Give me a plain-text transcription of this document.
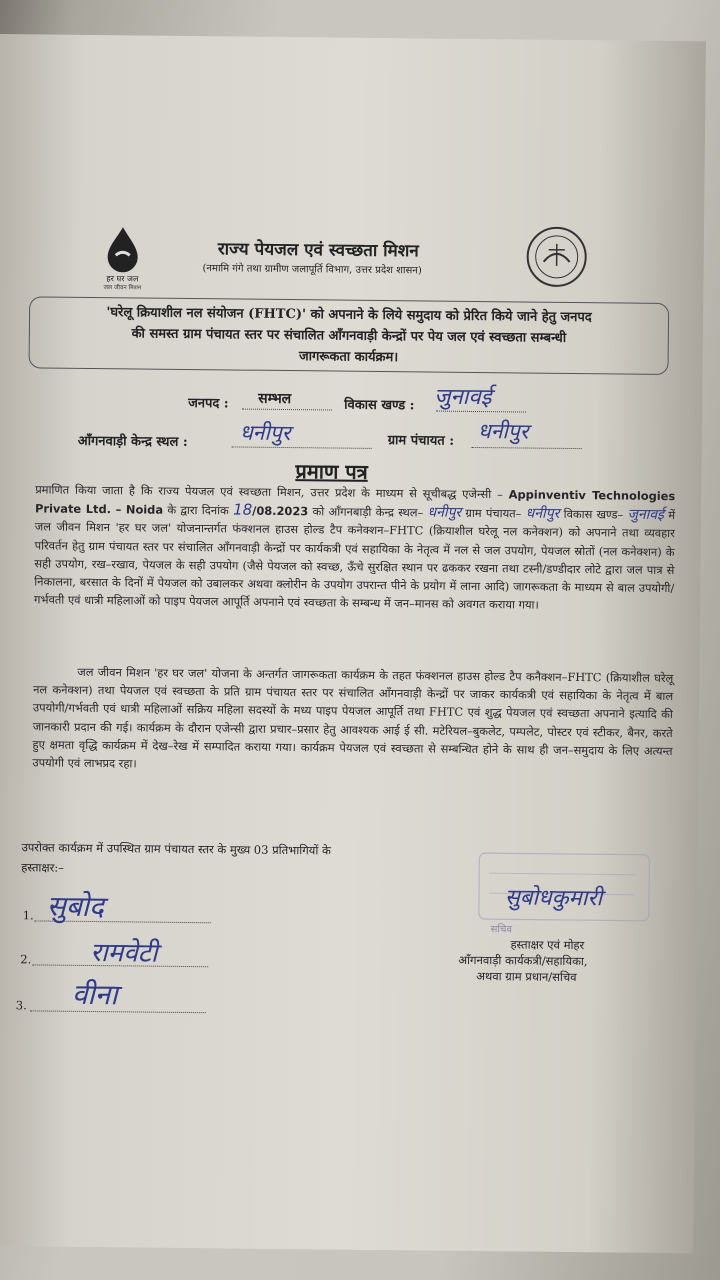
हर घर जल
जल जीवन मिशन
राज्य पेयजल एवं स्वच्छता मिशन
(नमामि गंगे तथा ग्रामीण जलापूर्ति विभाग, उत्तर प्रदेश शासन)
'घरेलू क्रियाशील नल संयोजन (FHTC)' को अपनाने के लिये समुदाय को प्रेरित किये जाने हेतु जनपद
की समस्त ग्राम पंचायत स्तर पर संचालित आँगनवाड़ी केन्द्रों पर पेय जल एवं स्वच्छता सम्बन्धी
जागरूकता कार्यक्रम।
जनपद : सम्भल	विकास खण्ड : जुनावई
आँगनवाड़ी केन्द्र स्थल : धनीपुर	ग्राम पंचायत : धनीपुर
प्रमाण पत्र
प्रमाणित किया जाता है कि राज्य पेयजल एवं स्वच्छता मिशन, उत्तर प्रदेश के माध्यम से सूचीबद्ध एजेन्सी – Appinventiv Technologies Private Ltd. – Noida के द्वारा दिनांक 18/08.2023 को आँगनबाड़ी केन्द्र स्थल– धनीपुर ग्राम पंचायत– धनीपुर विकास खण्ड– जुनावई में जल जीवन मिशन 'हर घर जल' योजनान्तर्गत फंक्शनल हाउस होल्ड टैप कनेक्शन–FHTC (क्रियाशील घरेलू नल कनेक्शन) को अपनाने तथा व्यवहार परिवर्तन हेतु ग्राम पंचायत स्तर पर संचालित आँगनवाड़ी केन्द्रों पर कार्यकत्री एवं सहायिका के नेतृत्व में नल से जल उपयोग, पेयजल स्रोतों (नल कनेक्शन) के सही उपयोग, रख–रखाव, पेयजल के सही उपयोग (जैसे पेयजल को स्वच्छ, ऊँचे सुरक्षित स्थान पर ढककर रखना तथा टस्नी/डण्डीदार लोटे द्वारा जल पात्र से निकालना, बरसात के दिनों में पेयजल को उबालकर अथवा क्लोरीन के उपयोग उपरान्त पीने के प्रयोग में लाना आदि) जागरूकता के माध्यम से बाल उपयोगी/गर्भवती एवं धात्री महिलाओं को पाइप पेयजल आपूर्ति अपनाने एवं स्वच्छता के सम्बन्ध में जन–मानस को अवगत कराया गया।
जल जीवन मिशन 'हर घर जल' योजना के अन्तर्गत जागरूकता कार्यक्रम के तहत फंक्शनल हाउस होल्ड टैप कनैक्शन–FHTC (क्रियाशील घरेलू नल कनेक्शन) तथा पेयजल एवं स्वच्छता के प्रति ग्राम पंचायत स्तर पर संचालित आँगनवाड़ी केन्द्रों पर जाकर कार्यकत्री एवं सहायिका के नेतृत्व में बाल उपयोगी/गर्भवती एवं धात्री महिलाओं सक्रिय महिला सदस्यों के मध्य पाइप पेयजल आपूर्ति तथा FHTC एवं शुद्ध पेयजल एवं स्वच्छता अपनाने इत्यादि की जानकारी प्रदान की गई। कार्यक्रम के दौरान एजेन्सी द्वारा प्रचार–प्रसार हेतु आवश्यक आई ई सी. मटेरियल–बुकलेट, पम्पलेट, पोस्टर एवं स्टीकर, बैनर, करते हुए क्षमता वृद्धि कार्यक्रम में देख–रेख में सम्पादित कराया गया। कार्यक्रम पेयजल एवं स्वच्छता से सम्बन्धित होने के साथ ही जन–समुदाय के लिए अत्यन्त उपयोगी एवं लाभप्रद रहा।
उपरोक्त कार्यक्रम में उपस्थित ग्राम पंचायत स्तर के मुख्य 03 प्रतिभागियों के
हस्ताक्षर:–
1. सुबोद
2. रामवेटी
3. वीना
सुबोधकुमारी
सचिव
हस्ताक्षर एवं मोहर
आँगनवाड़ी कार्यकत्री/सहायिका,
अथवा ग्राम प्रधान/सचिव
